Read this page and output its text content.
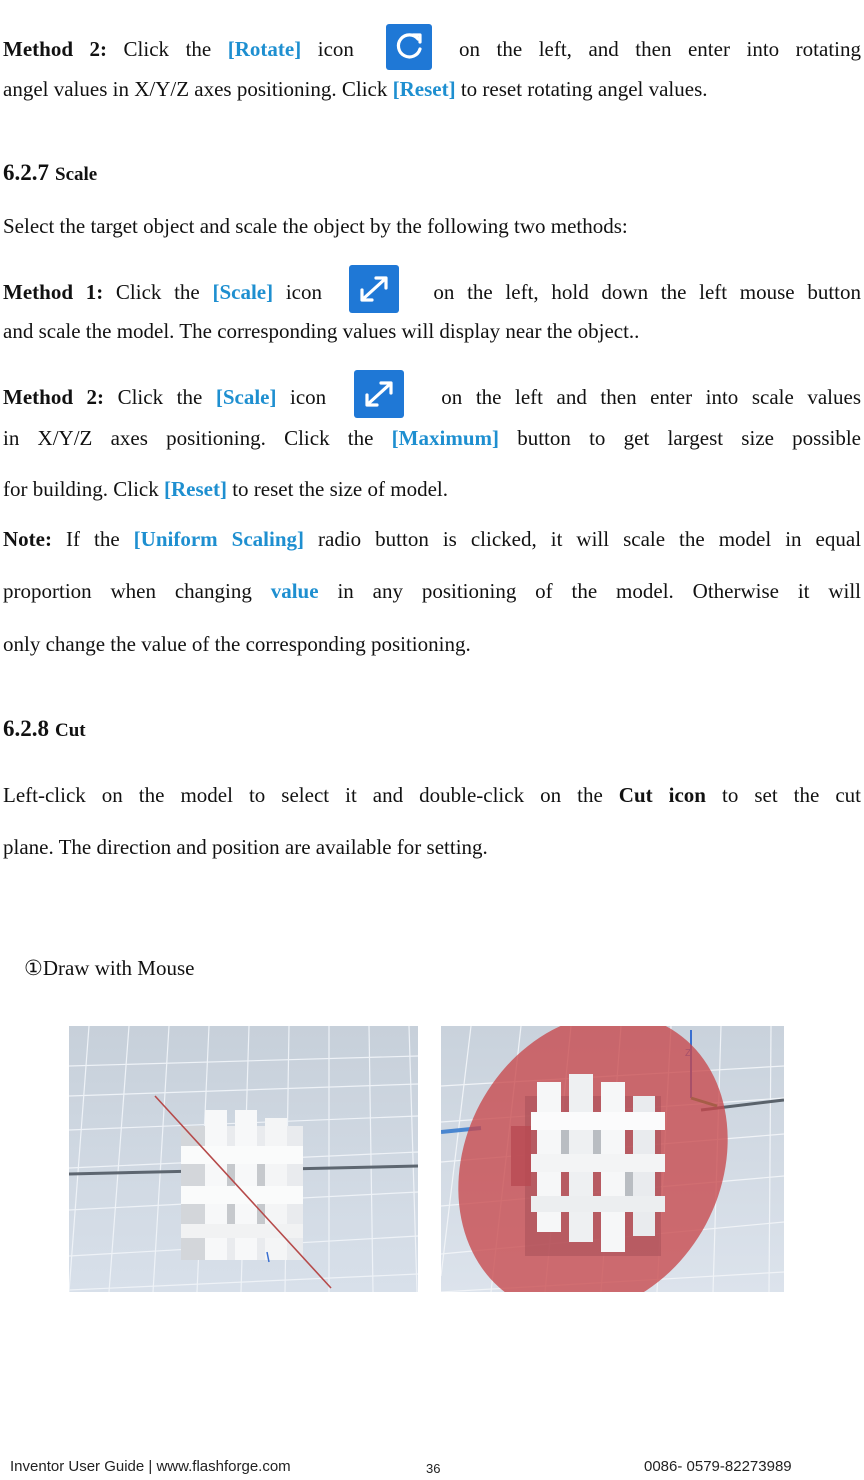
Method 2: Click the [Rotate] icon	on the left, and then enter into rotating
angel values in X/Y/Z axes positioning. Click [Reset] to reset rotating angel values.
6.2.7 Scale
Select the target object and scale the object by the following two methods:
Method 1: Click the [Scale] icon	on the left, hold down the left mouse button
and scale the model. The corresponding values will display near the object..
Method 2: Click the [Scale] icon	on the left and then enter into scale values
in X/Y/Z axes positioning. Click the [Maximum] button to get largest size possible
for building. Click [Reset] to reset the size of model.
Note: If the [Uniform Scaling] radio button is clicked, it will scale the model in equal
proportion when changing value in any positioning of the model. Otherwise it will
only change the value of the corresponding positioning.
6.2.8 Cut
Left-click on the model to select it and double-click on the Cut icon to set the cut
plane. The direction and position are available for setting.
①Draw with Mouse
Inventor User Guide | www.flashforge.com	36	0086- 0579-82273989
